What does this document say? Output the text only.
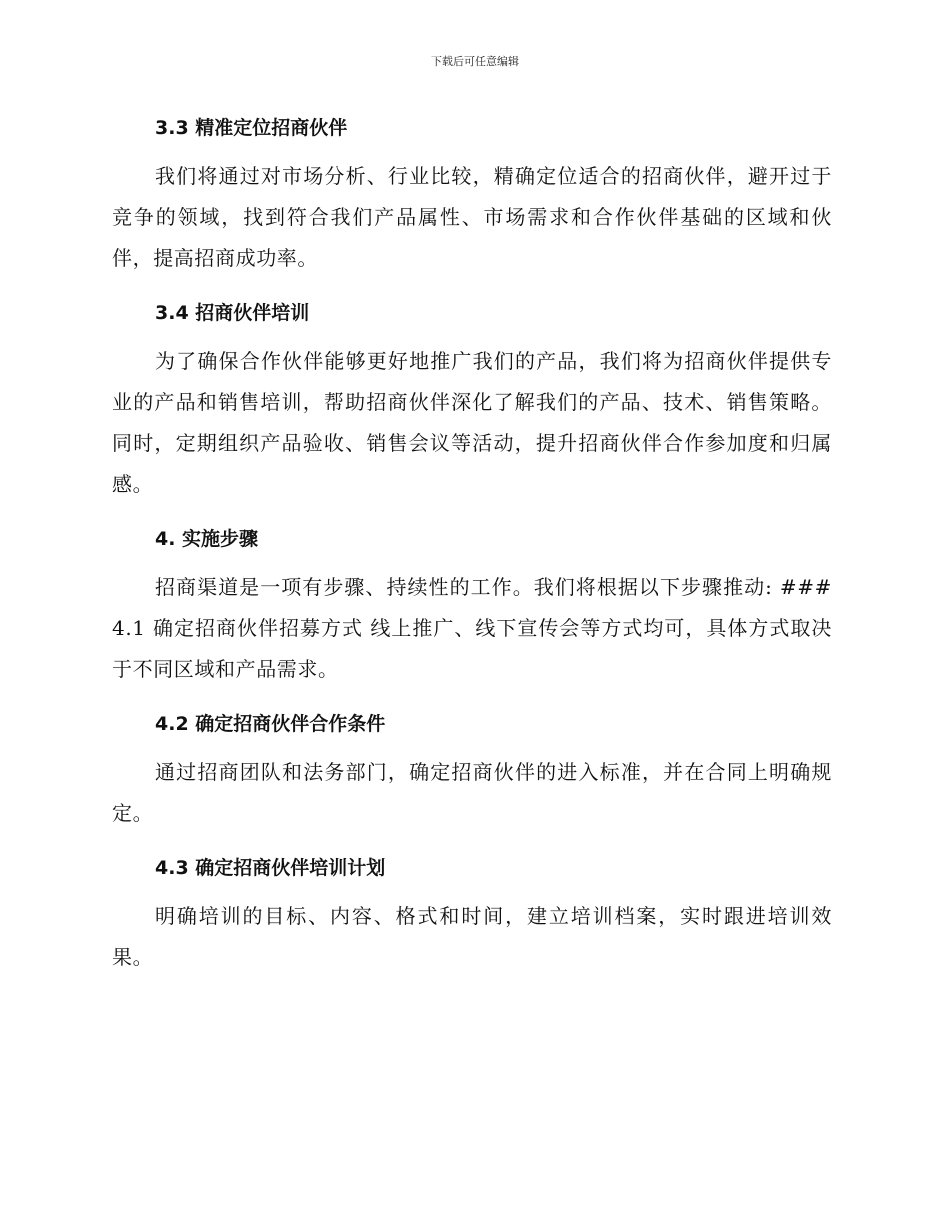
下载后可任意编辑
3.3 精准定位招商伙伴

我们将通过对市场分析、行业比较，精确定位适合的招商伙伴，避开过于竞争的领域，找到符合我们产品属性、市场需求和合作伙伴基础的区域和伙伴，提高招商成功率。

3.4 招商伙伴培训

为了确保合作伙伴能够更好地推广我们的产品，我们将为招商伙伴提供专业的产品和销售培训，帮助招商伙伴深化了解我们的产品、技术、销售策略。同时，定期组织产品验收、销售会议等活动，提升招商伙伴合作参加度和归属感。

4. 实施步骤

招商渠道是一项有步骤、持续性的工作。我们将根据以下步骤推动: ### 4.1 确定招商伙伴招募方式 线上推广、线下宣传会等方式均可，具体方式取决于不同区域和产品需求。

4.2 确定招商伙伴合作条件

通过招商团队和法务部门，确定招商伙伴的进入标准，并在合同上明确规定。

4.3 确定招商伙伴培训计划

明确培训的目标、内容、格式和时间，建立培训档案，实时跟进培训效果。
